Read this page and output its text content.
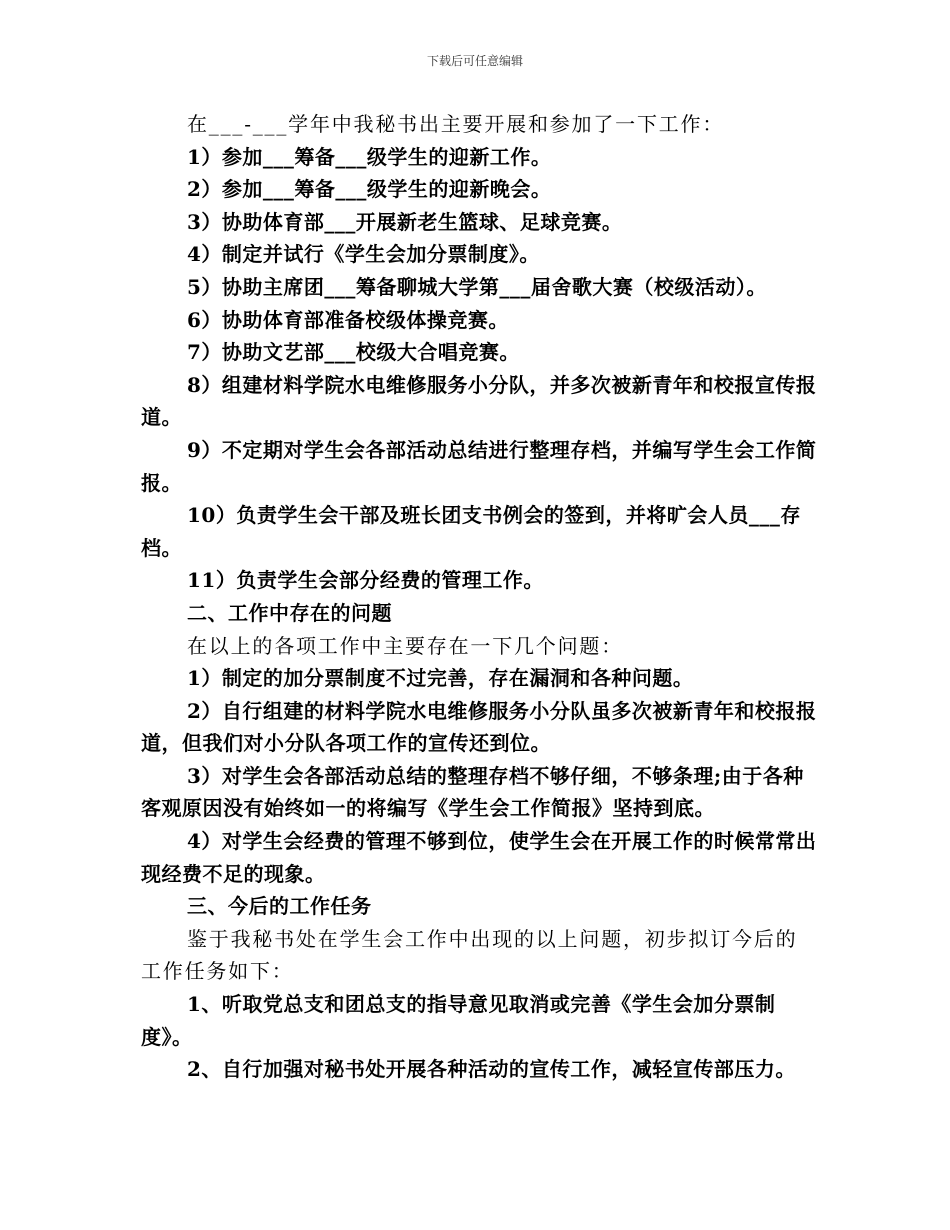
下载后可任意编辑

在___-___学年中我秘书出主要开展和参加了一下工作：

1）参加___筹备___级学生的迎新工作。

2）参加___筹备___级学生的迎新晚会。

3）协助体育部___开展新老生篮球、足球竞赛。

4）制定并试行《学生会加分票制度》。

5）协助主席团___筹备聊城大学第___届舍歌大赛（校级活动）。

6）协助体育部准备校级体操竞赛。

7）协助文艺部___校级大合唱竞赛。

8）组建材料学院水电维修服务小分队，并多次被新青年和校报宣传报道。

9）不定期对学生会各部活动总结进行整理存档，并编写学生会工作简报。

10）负责学生会干部及班长团支书例会的签到，并将旷会人员___存档。

11）负责学生会部分经费的管理工作。

二、工作中存在的问题

在以上的各项工作中主要存在一下几个问题：

1）制定的加分票制度不过完善，存在漏洞和各种问题。

2）自行组建的材料学院水电维修服务小分队虽多次被新青年和校报报道，但我们对小分队各项工作的宣传还到位。

3）对学生会各部活动总结的整理存档不够仔细，不够条理;由于各种客观原因没有始终如一的将编写《学生会工作简报》坚持到底。

4）对学生会经费的管理不够到位，使学生会在开展工作的时候常常出现经费不足的现象。

三、今后的工作任务

鉴于我秘书处在学生会工作中出现的以上问题，初步拟订今后的工作任务如下：

1、听取党总支和团总支的指导意见取消或完善《学生会加分票制度》。

2、自行加强对秘书处开展各种活动的宣传工作，减轻宣传部压力。
